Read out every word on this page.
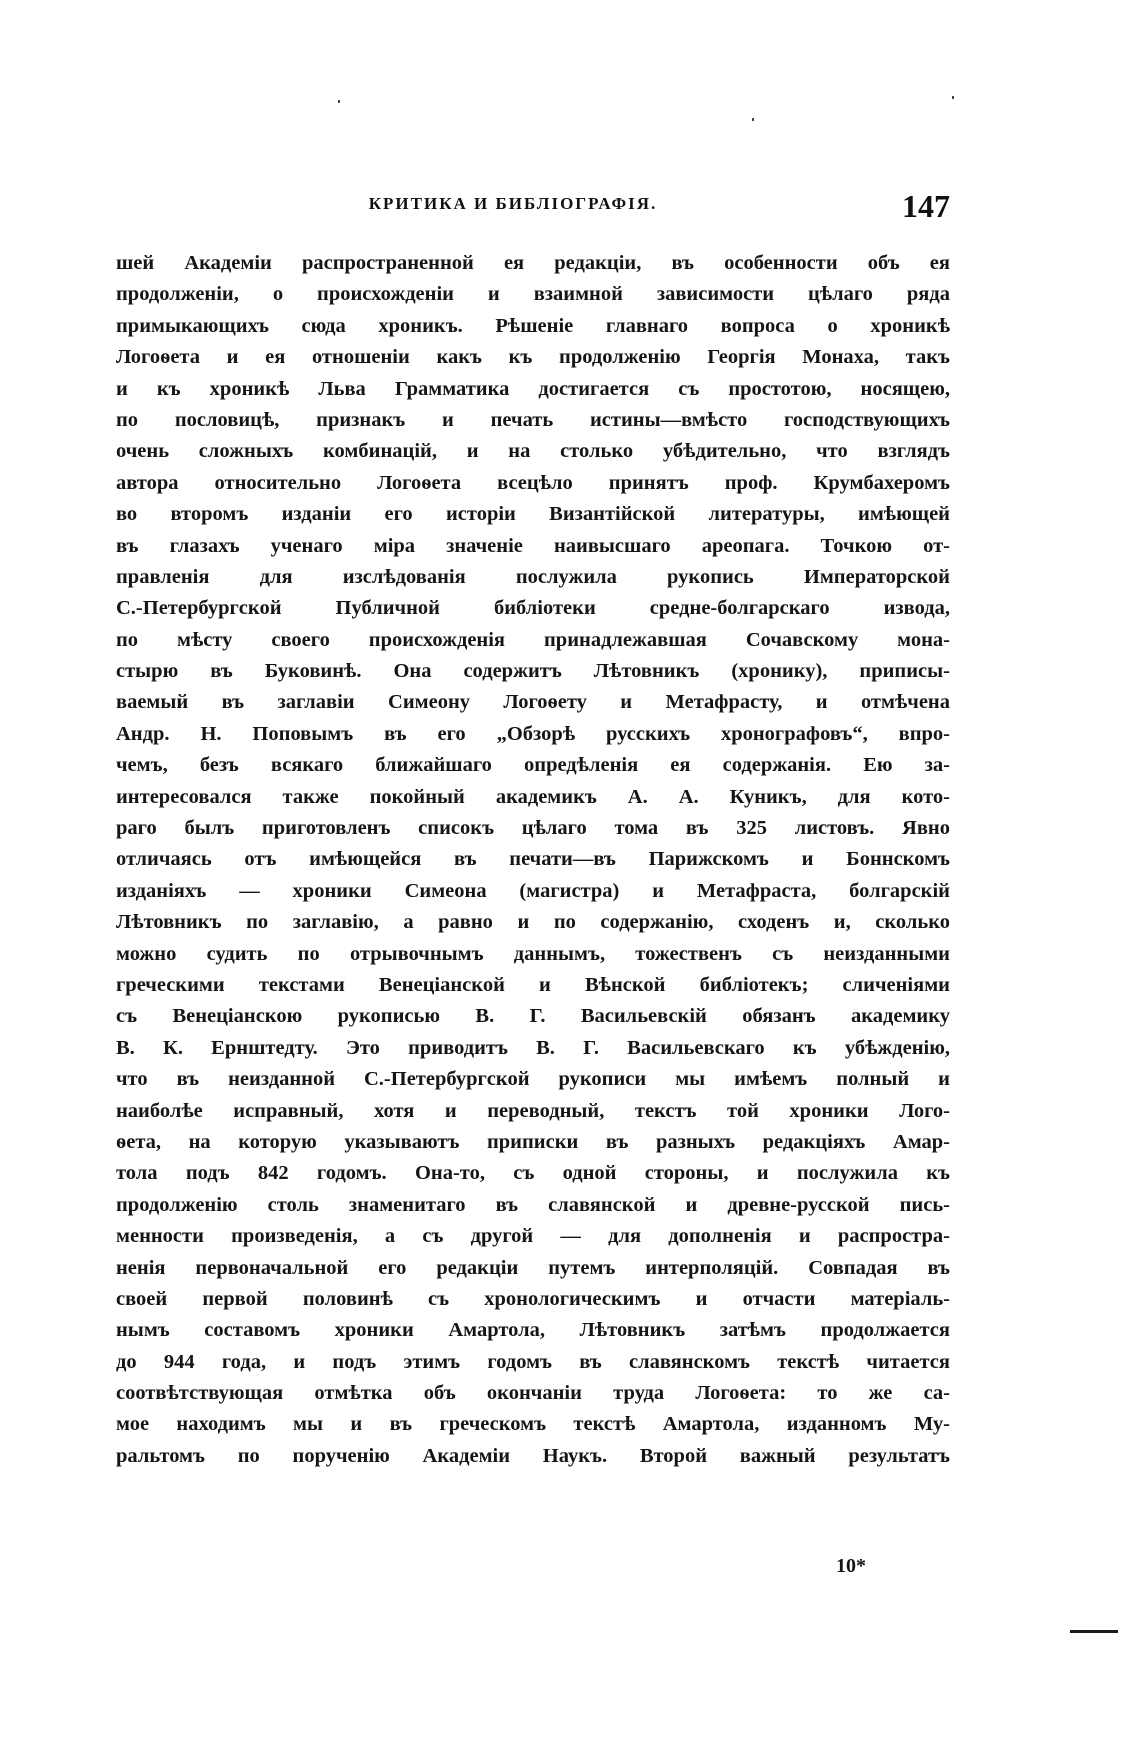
КРИТИКА И БИБЛІОГРАФІЯ.	147
шей Академіи распространенной ея редакціи, въ особенности объ ея
продолженіи, о происхожденіи и взаимной зависимости цѣлаго ряда
примыкающихъ сюда хроникъ. Рѣшеніе главнаго вопроса о хроникѣ
Логоѳета и ея отношеніи какъ къ продолженію Георгія Монаха, такъ
и къ хроникѣ Льва Грамматика достигается съ простотою, носящею,
по пословицѣ, признакъ и печать истины—вмѣсто господствующихъ
очень сложныхъ комбинацій, и на столько убѣдительно, что взглядъ
автора относительно Логоѳета всецѣло принятъ проф. Крумбахеромъ
во второмъ изданіи его исторіи Византійской литературы, имѣющей
въ глазахъ ученаго міра значеніе наивысшаго ареопага. Точкою от-
правленія для изслѣдованія послужила рукопись Императорской
С.-Петербургской Публичной библіотеки средне-болгарскаго извода,
по мѣсту своего происхожденія принадлежавшая Сочавскому мона-
стырю въ Буковинѣ. Она содержитъ Лѣтовникъ (хронику), приписы-
ваемый въ заглавіи Симеону Логоѳету и Метафрасту, и отмѣчена
Андр. Н. Поповымъ въ его „Обзорѣ русскихъ хронографовъ“, впро-
чемъ, безъ всякаго ближайшаго опредѣленія ея содержанія. Ею за-
интересовался также покойный академикъ А. А. Куникъ, для кото-
раго былъ приготовленъ списокъ цѣлаго тома въ 325 листовъ. Явно
отличаясь отъ имѣющейся въ печати—въ Парижскомъ и Боннскомъ
изданіяхъ — хроники Симеона (магистра) и Метафраста, болгарскій
Лѣтовникъ по заглавію, а равно и по содержанію, сходенъ и, сколько
можно судить по отрывочнымъ даннымъ, тожественъ съ неизданными
греческими текстами Венеціанской и Вѣнской библіотекъ; сличеніями
съ Венеціанскою рукописью В. Г. Васильевскій обязанъ академику
В. К. Ернштедту. Это приводитъ В. Г. Васильевскаго къ убѣжденію,
что въ неизданной С.-Петербургской рукописи мы имѣемъ полный и
наиболѣе исправный, хотя и переводный, текстъ той хроники Лого-
ѳета, на которую указываютъ приписки въ разныхъ редакціяхъ Амар-
тола подъ 842 годомъ. Она-то, съ одной стороны, и послужила къ
продолженію столь знаменитаго въ славянской и древне-русской пись-
менности произведенія, а съ другой — для дополненія и распростра-
ненія первоначальной его редакціи путемъ интерполяцій. Совпадая въ
своей первой половинѣ съ хронологическимъ и отчасти матеріаль-
нымъ составомъ хроники Амартола, Лѣтовникъ затѣмъ продолжается
до 944 года, и подъ этимъ годомъ въ славянскомъ текстѣ читается
соотвѣтствующая отмѣтка объ окончаніи труда Логоѳета: то же са-
мое находимъ мы и въ греческомъ текстѣ Амартола, изданномъ Му-
ральтомъ по порученію Академіи Наукъ. Второй важный результатъ
10*
